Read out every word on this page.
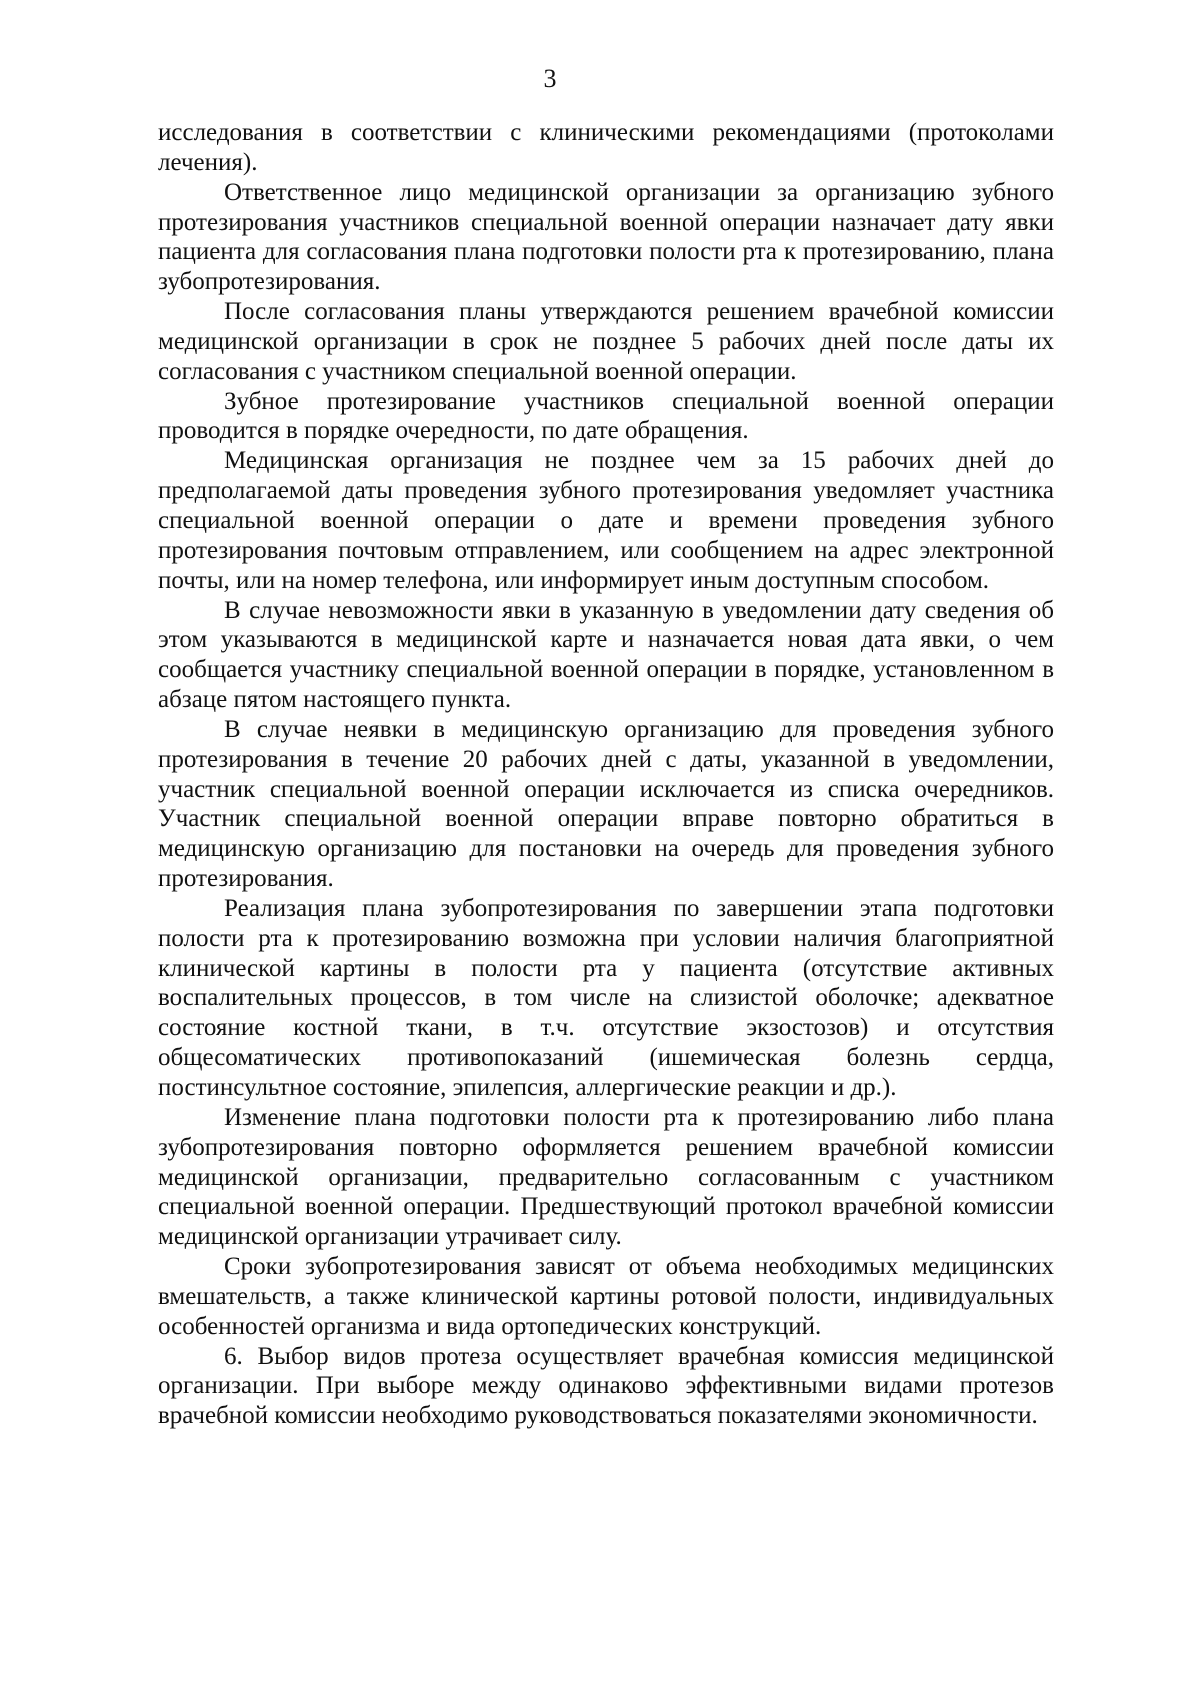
3

исследования в соответствии с клиническими рекомендациями (протоколами лечения).

Ответственное лицо медицинской организации за организацию зубного протезирования участников специальной военной операции назначает дату явки пациента для согласования плана подготовки полости рта к протезированию, плана зубопротезирования.

После согласования планы утверждаются решением врачебной комиссии медицинской организации в срок не позднее 5 рабочих дней после даты их согласования с участником специальной военной операции.

Зубное протезирование участников специальной военной операции проводится в порядке очередности, по дате обращения.

Медицинская организация не позднее чем за 15 рабочих дней до предполагаемой даты проведения зубного протезирования уведомляет участника специальной военной операции о дате и времени проведения зубного протезирования почтовым отправлением, или сообщением на адрес электронной почты, или на номер телефона, или информирует иным доступным способом.

В случае невозможности явки в указанную в уведомлении дату сведения об этом указываются в медицинской карте и назначается новая дата явки, о чем сообщается участнику специальной военной операции в порядке, установленном в абзаце пятом настоящего пункта.

В случае неявки в медицинскую организацию для проведения зубного протезирования в течение 20 рабочих дней с даты, указанной в уведомлении, участник специальной военной операции исключается из списка очередников. Участник специальной военной операции вправе повторно обратиться в медицинскую организацию для постановки на очередь для проведения зубного протезирования.

Реализация плана зубопротезирования по завершении этапа подготовки полости рта к протезированию возможна при условии наличия благоприятной клинической картины в полости рта у пациента (отсутствие активных воспалительных процессов, в том числе на слизистой оболочке; адекватное состояние костной ткани, в т.ч. отсутствие экзостозов) и отсутствия общесоматических противопоказаний (ишемическая болезнь сердца, постинсультное состояние, эпилепсия, аллергические реакции и др.).

Изменение плана подготовки полости рта к протезированию либо плана зубопротезирования повторно оформляется решением врачебной комиссии медицинской организации, предварительно согласованным с участником специальной военной операции. Предшествующий протокол врачебной комиссии медицинской организации утрачивает силу.

Сроки зубопротезирования зависят от объема необходимых медицинских вмешательств, а также клинической картины ротовой полости, индивидуальных особенностей организма и вида ортопедических конструкций.

6. Выбор видов протеза осуществляет врачебная комиссия медицинской организации. При выборе между одинаково эффективными видами протезов врачебной комиссии необходимо руководствоваться показателями экономичности.
